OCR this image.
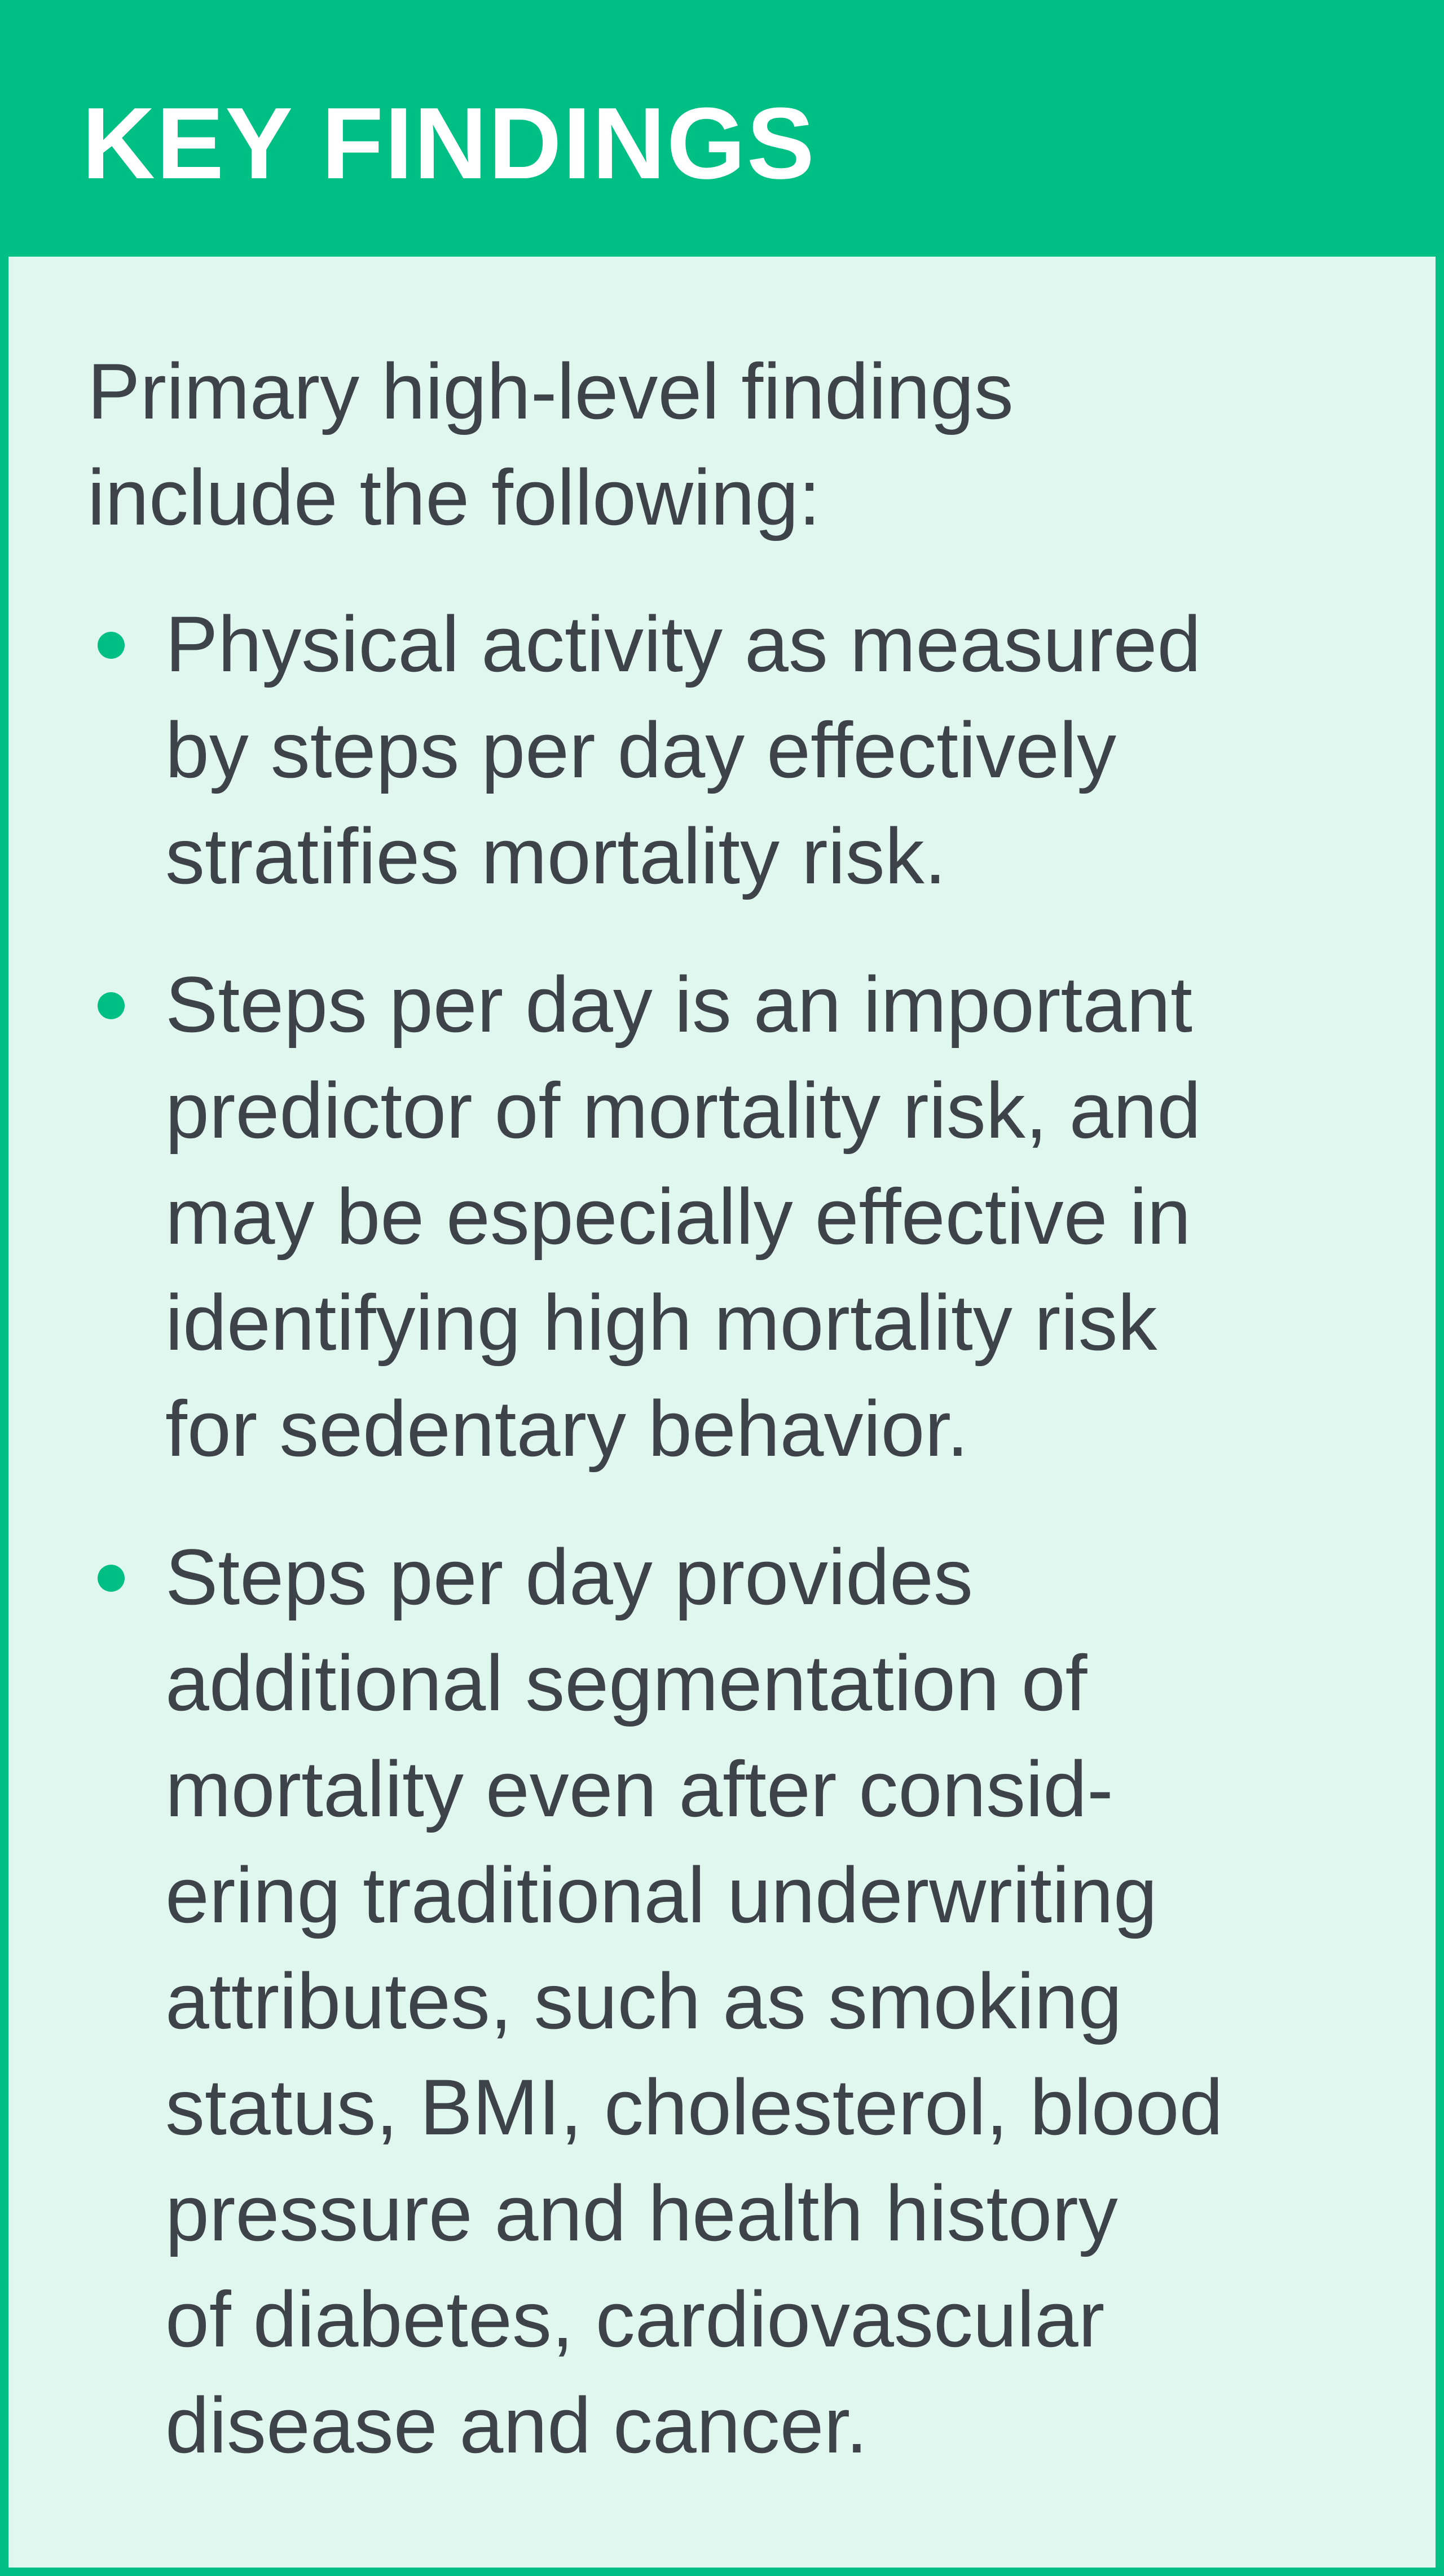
KEY FINDINGS

Primary high-level findings
include the following:

Physical activity as measured
by steps per day effectively
stratifies mortality risk.
Steps per day is an important
predictor of mortality risk, and
may be especially effective in
identifying high mortality risk
for sedentary behavior.
Steps per day provides
additional segmentation of
mortality even after consid-
ering traditional underwriting
attributes, such as smoking
status, BMI, cholesterol, blood
pressure and health history
of diabetes, cardiovascular
disease and cancer.
